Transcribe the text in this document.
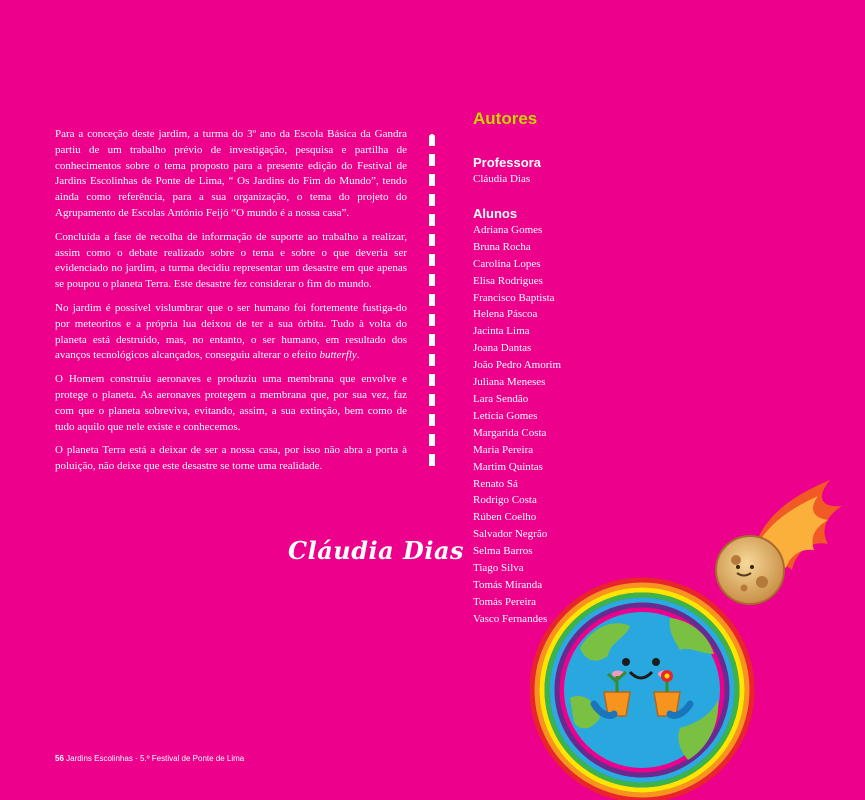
Para a conceção deste jardim, a turma do 3º ano da Escola Básica da Gandra partiu de um trabalho prévio de investigação, pesquisa e partilha de conhecimentos sobre o tema proposto para a presente edição do Festival de Jardins Escolinhas de Ponte de Lima, “ Os Jardins do Fim do Mundo”, tendo ainda como referência, para a sua organização, o tema do projeto do Agrupamento de Escolas António Feijó “O mundo é a nossa casa”.

Concluída a fase de recolha de informação de suporte ao trabalho a realizar, assim como o debate realizado sobre o tema e sobre o que deveria ser evidenciado no jardim, a turma decidiu representar um desastre em que apenas se poupou o planeta Terra. Este desastre fez considerar o fim do mundo.

No jardim é possível vislumbrar que o ser humano foi fortemente fustiga-do por meteoritos e a própria lua deixou de ter a sua órbita. Tudo à volta do planeta está destruído, mas, no entanto, o ser humano, em resultado dos avanços tecnológicos alcançados, conseguiu alterar o efeito butterfly.

O Homem construiu aeronaves e produziu uma membrana que envolve e protege o planeta. As aeronaves protegem a membrana que, por sua vez, faz com que o planeta sobreviva, evitando, assim, a sua extinção, bem como de tudo aquilo que nele existe e conhecemos.

O planeta Terra está a deixar de ser a nossa casa, por isso não abra a porta à poluição, não deixe que este desastre se torne uma realidade.

Cláudia Dias
Autores
Professora
Cláudia Dias
Alunos
Adriana Gomes
Bruna Rocha
Carolina Lopes
Elisa Rodrigues
Francisco Baptista
Helena Páscoa
Jacinta Lima
Joana Dantas
João Pedro Amorim
Juliana Meneses
Lara Sendão
Letícia Gomes
Margarida Costa
Maria Pereira
Martim Quintas
Renato Sá
Rodrigo Costa
Rúben Coelho
Salvador Negrão
Selma Barros
Tiago Silva
Tomás Miranda
Tomás Pereira
Vasco Fernandes
56 Jardins Escolinhas · 5.º Festival de Ponte de Lima
